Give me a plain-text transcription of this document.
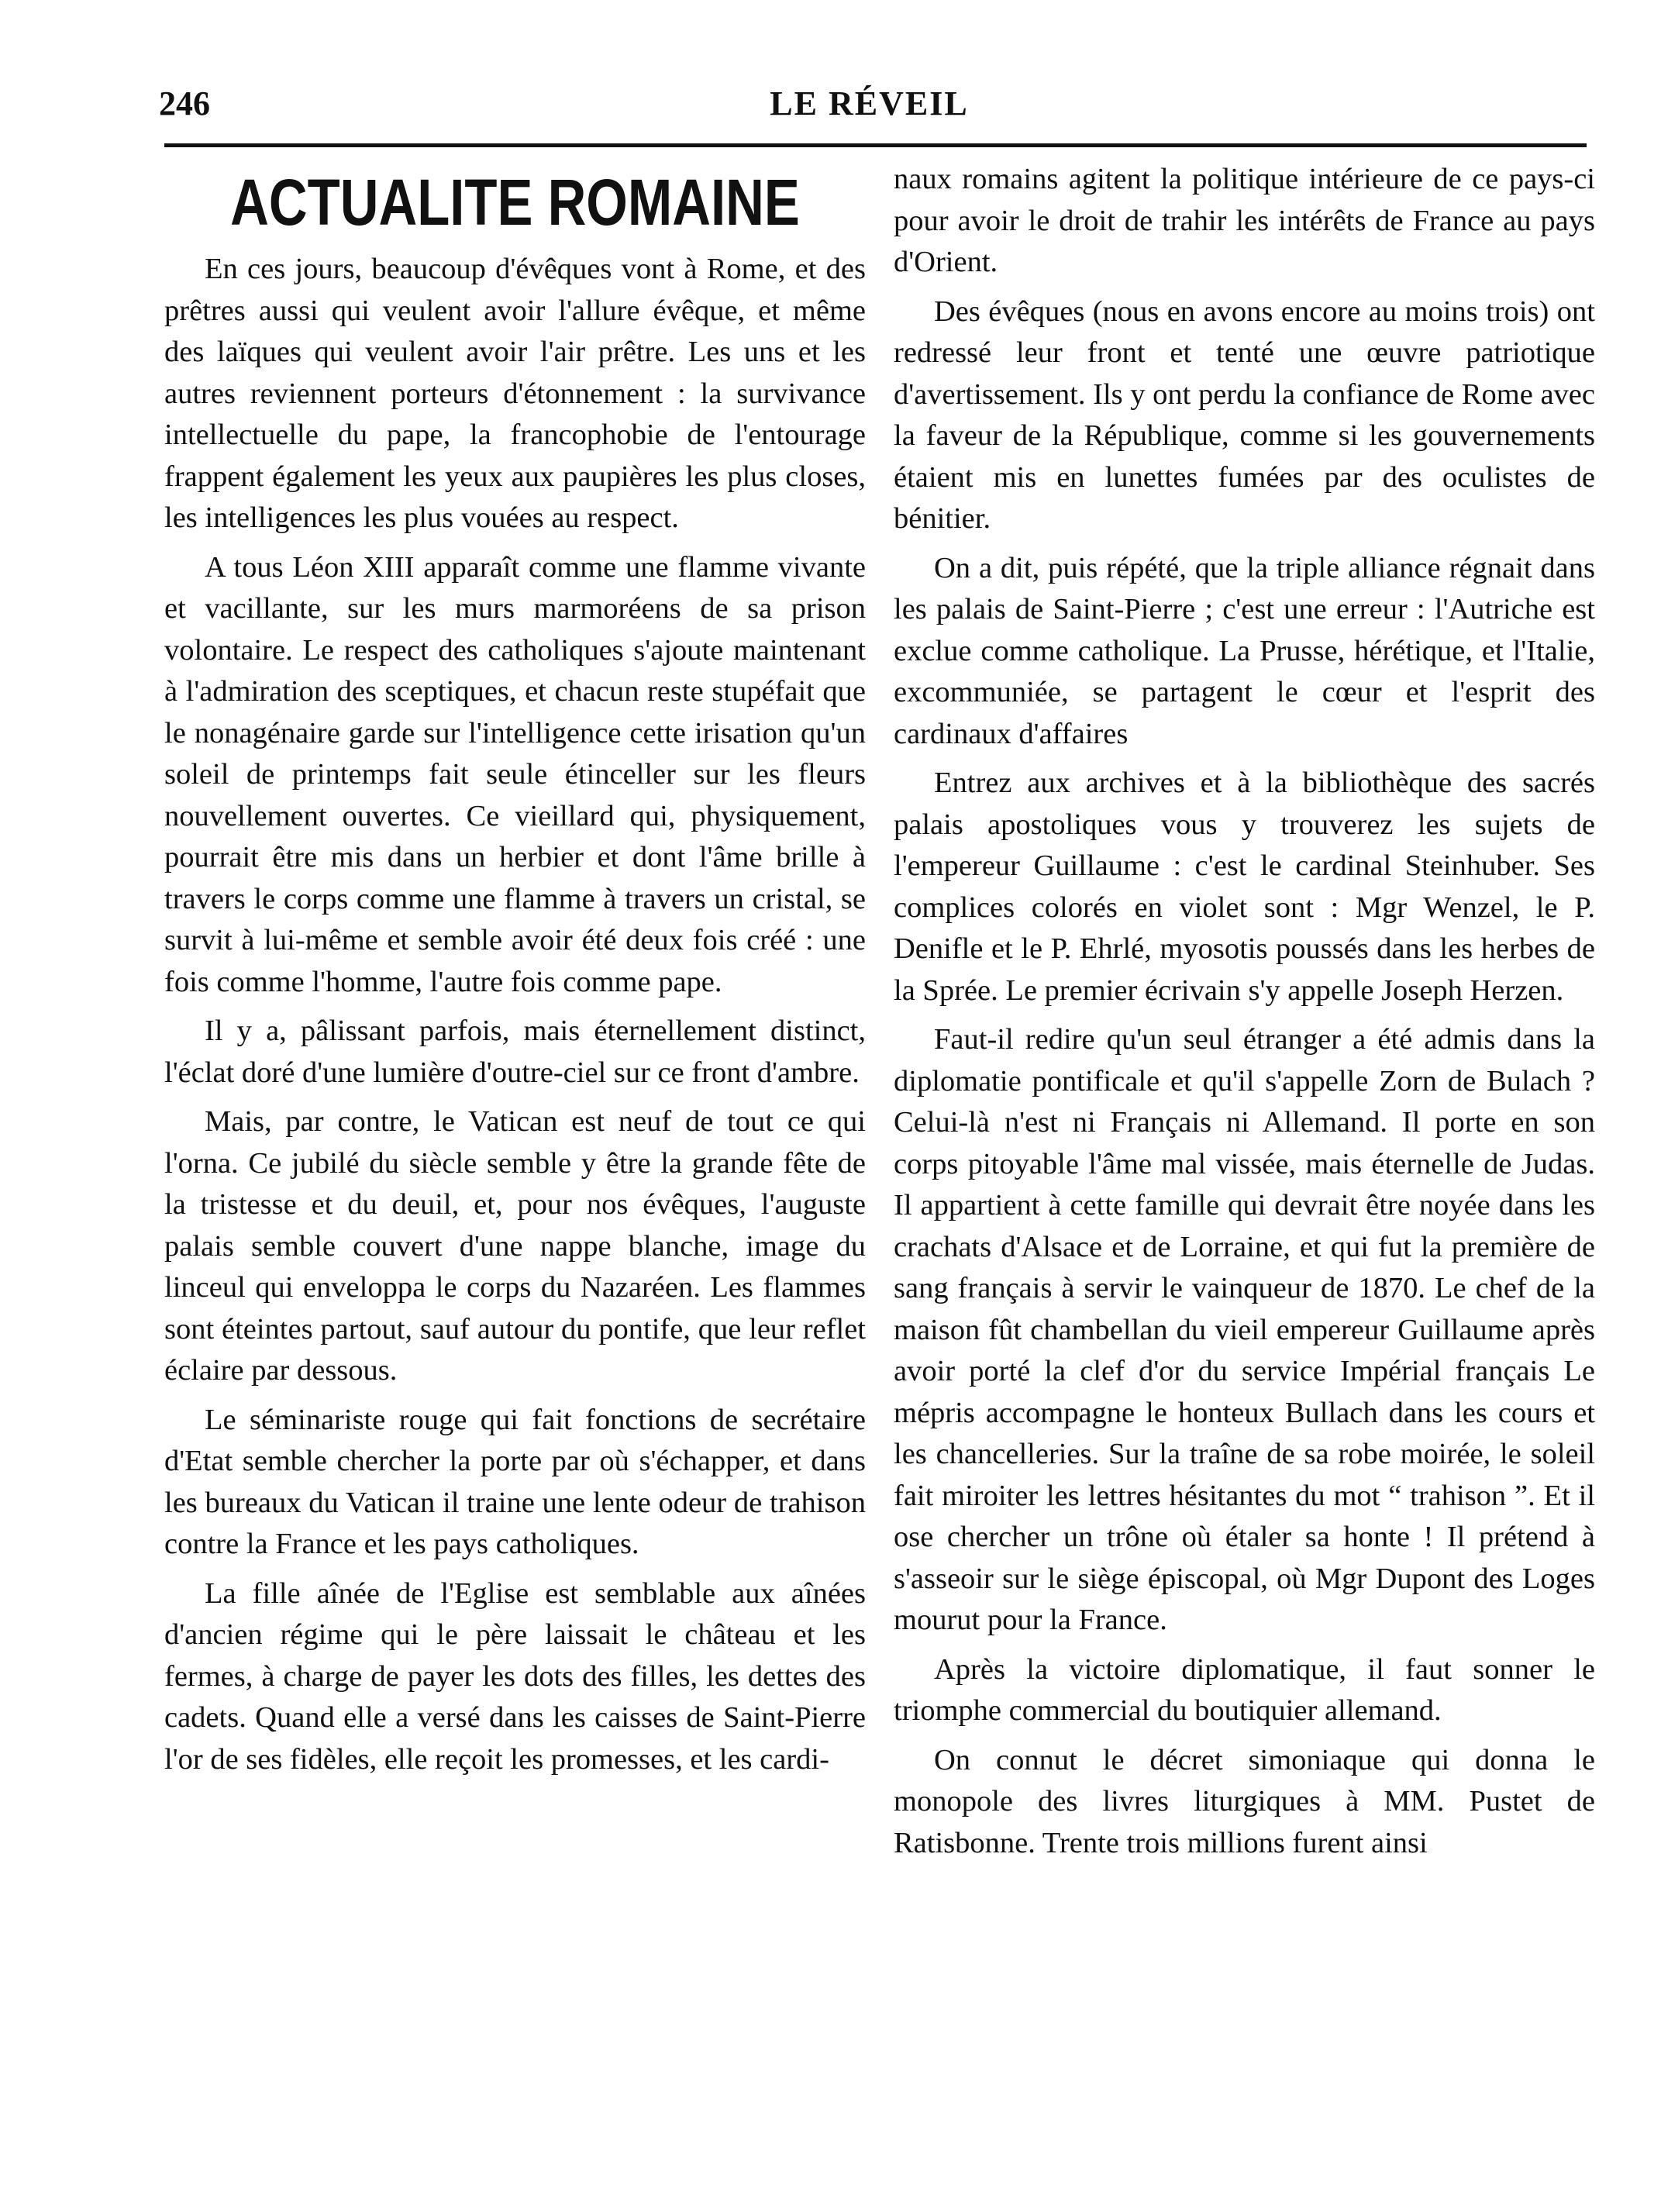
246	LE RÉVEIL
ACTUALITE ROMAINE

En ces jours, beaucoup d'évêques vont à Rome, et des prêtres aussi qui veulent avoir l'allure évêque, et même des laïques qui veulent avoir l'air prêtre. Les uns et les autres reviennent porteurs d'étonnement : la survivance intellectuelle du pape, la francophobie de l'entourage frappent également les yeux aux paupières les plus closes, les intelligences les plus vouées au respect.

A tous Léon XIII apparaît comme une flamme vivante et vacillante, sur les murs marmoréens de sa prison volontaire. Le respect des catholiques s'ajoute maintenant à l'admiration des sceptiques, et chacun reste stupéfait que le nonagénaire garde sur l'intelligence cette irisation qu'un soleil de printemps fait seule étinceller sur les fleurs nouvellement ouvertes. Ce vieillard qui, physiquement, pourrait être mis dans un herbier et dont l'âme brille à travers le corps comme une flamme à travers un cristal, se survit à lui-même et semble avoir été deux fois créé : une fois comme l'homme, l'autre fois comme pape.

Il y a, pâlissant parfois, mais éternellement distinct, l'éclat doré d'une lumière d'outre-ciel sur ce front d'ambre.

Mais, par contre, le Vatican est neuf de tout ce qui l'orna. Ce jubilé du siècle semble y être la grande fête de la tristesse et du deuil, et, pour nos évêques, l'auguste palais semble couvert d'une nappe blanche, image du linceul qui enveloppa le corps du Nazaréen. Les flammes sont éteintes partout, sauf autour du pontife, que leur reflet éclaire par dessous.

Le séminariste rouge qui fait fonctions de secrétaire d'Etat semble chercher la porte par où s'échapper, et dans les bureaux du Vatican il traine une lente odeur de trahison contre la France et les pays catholiques.

La fille aînée de l'Eglise est semblable aux aînées d'ancien régime qui le père laissait le château et les fermes, à charge de payer les dots des filles, les dettes des cadets. Quand elle a versé dans les caisses de Saint-Pierre l'or de ses fidèles, elle reçoit les promesses, et les cardi-

naux romains agitent la politique intérieure de ce pays-ci pour avoir le droit de trahir les intérêts de France au pays d'Orient.

Des évêques (nous en avons encore au moins trois) ont redressé leur front et tenté une œuvre patriotique d'avertissement. Ils y ont perdu la confiance de Rome avec la faveur de la République, comme si les gouvernements étaient mis en lunettes fumées par des oculistes de bénitier.

On a dit, puis répété, que la triple alliance régnait dans les palais de Saint-Pierre ; c'est une erreur : l'Autriche est exclue comme catholique. La Prusse, hérétique, et l'Italie, excommuniée, se partagent le cœur et l'esprit des cardinaux d'affaires

Entrez aux archives et à la bibliothèque des sacrés palais apostoliques vous y trouverez les sujets de l'empereur Guillaume : c'est le cardinal Steinhuber. Ses complices colorés en violet sont : Mgr Wenzel, le P. Denifle et le P. Ehrlé, myosotis poussés dans les herbes de la Sprée. Le premier écrivain s'y appelle Joseph Herzen.

Faut-il redire qu'un seul étranger a été admis dans la diplomatie pontificale et qu'il s'appelle Zorn de Bulach ? Celui-là n'est ni Français ni Allemand. Il porte en son corps pitoyable l'âme mal vissée, mais éternelle de Judas. Il appartient à cette famille qui devrait être noyée dans les crachats d'Alsace et de Lorraine, et qui fut la première de sang français à servir le vainqueur de 1870. Le chef de la maison fût chambellan du vieil empereur Guillaume après avoir porté la clef d'or du service Impérial français Le mépris accompagne le honteux Bullach dans les cours et les chancelleries. Sur la traîne de sa robe moirée, le soleil fait miroiter les lettres hésitantes du mot “ trahison ”. Et il ose chercher un trône où étaler sa honte ! Il prétend à s'asseoir sur le siège épiscopal, où Mgr Dupont des Loges mourut pour la France.

Après la victoire diplomatique, il faut sonner le triomphe commercial du boutiquier allemand.

On connut le décret simoniaque qui donna le monopole des livres liturgiques à MM. Pustet de Ratisbonne. Trente trois millions furent ainsi
